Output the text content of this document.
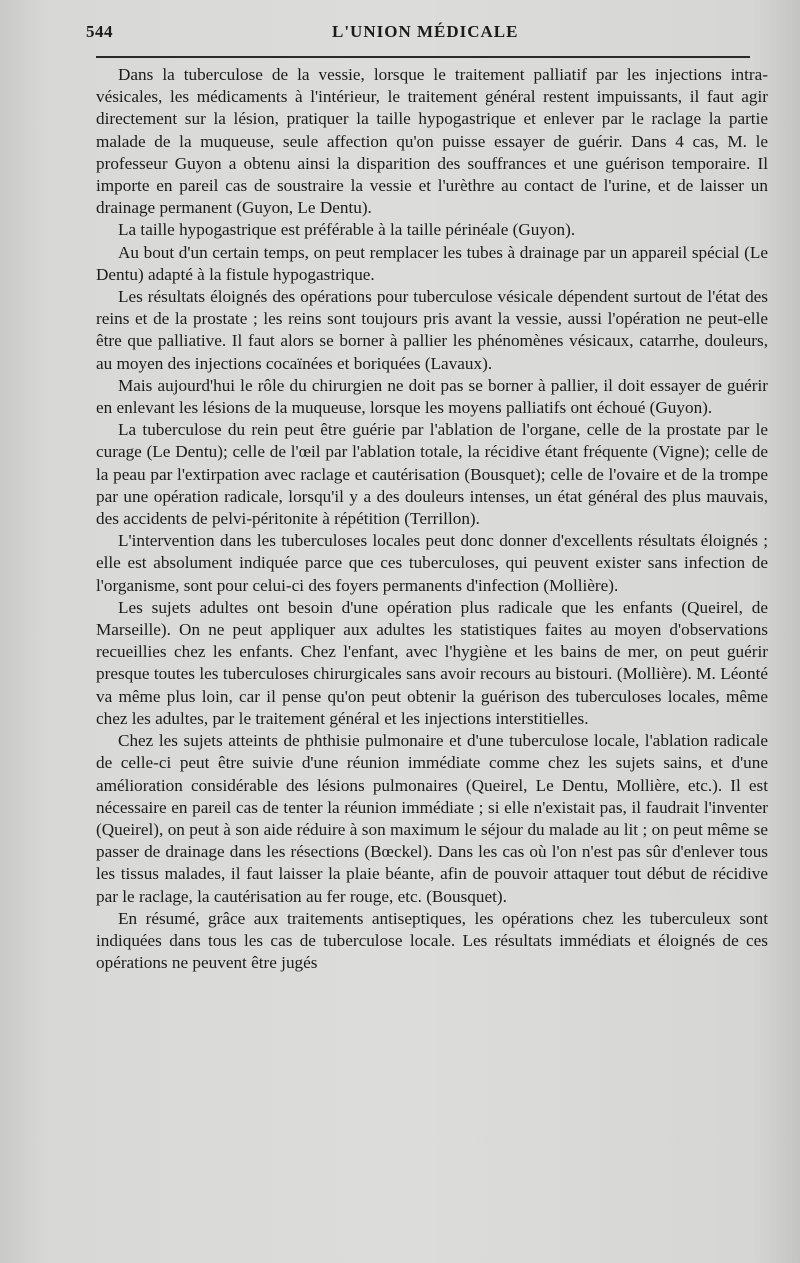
544	L'UNION MÉDICALE

Dans la tuberculose de la vessie, lorsque le traitement palliatif par les injections intra-vésicales, les médicaments à l'intérieur, le traitement général restent impuissants, il faut agir directement sur la lésion, pratiquer la taille hypogastrique et enlever par le raclage la partie malade de la muqueuse, seule affection qu'on puisse essayer de guérir. Dans 4 cas, M. le professeur Guyon a obtenu ainsi la disparition des souffrances et une guérison temporaire. Il importe en pareil cas de soustraire la vessie et l'urèthre au contact de l'urine, et de laisser un drainage permanent (Guyon, Le Dentu).

La taille hypogastrique est préférable à la taille périnéale (Guyon).

Au bout d'un certain temps, on peut remplacer les tubes à drainage par un appareil spécial (Le Dentu) adapté à la fistule hypogastrique.

Les résultats éloignés des opérations pour tuberculose vésicale dépendent surtout de l'état des reins et de la prostate ; les reins sont toujours pris avant la vessie, aussi l'opération ne peut-elle être que palliative. Il faut alors se borner à pallier les phénomènes vésicaux, catarrhe, douleurs, au moyen des injections cocaïnées et boriquées (Lavaux).

Mais aujourd'hui le rôle du chirurgien ne doit pas se borner à pallier, il doit essayer de guérir en enlevant les lésions de la muqueuse, lorsque les moyens palliatifs ont échoué (Guyon).

La tuberculose du rein peut être guérie par l'ablation de l'organe, celle de la prostate par le curage (Le Dentu); celle de l'œil par l'ablation totale, la récidive étant fréquente (Vigne); celle de la peau par l'extirpation avec raclage et cautérisation (Bousquet); celle de l'ovaire et de la trompe par une opération radicale, lorsqu'il y a des douleurs intenses, un état général des plus mauvais, des accidents de pelvi-péritonite à répétition (Terrillon).

L'intervention dans les tuberculoses locales peut donc donner d'excellents résultats éloignés ; elle est absolument indiquée parce que ces tuberculoses, qui peuvent exister sans infection de l'organisme, sont pour celui-ci des foyers permanents d'infection (Mollière).

Les sujets adultes ont besoin d'une opération plus radicale que les enfants (Queirel, de Marseille). On ne peut appliquer aux adultes les statistiques faites au moyen d'observations recueillies chez les enfants. Chez l'enfant, avec l'hygiène et les bains de mer, on peut guérir presque toutes les tuberculoses chirurgicales sans avoir recours au bistouri. (Mollière). M. Léonté va même plus loin, car il pense qu'on peut obtenir la guérison des tuberculoses locales, même chez les adultes, par le traitement général et les injections interstitielles.

Chez les sujets atteints de phthisie pulmonaire et d'une tuberculose locale, l'ablation radicale de celle-ci peut être suivie d'une réunion immédiate comme chez les sujets sains, et d'une amélioration considérable des lésions pulmonaires (Queirel, Le Dentu, Mollière, etc.). Il est nécessaire en pareil cas de tenter la réunion immédiate ; si elle n'existait pas, il faudrait l'inventer (Queirel), on peut à son aide réduire à son maximum le séjour du malade au lit ; on peut même se passer de drainage dans les résections (Bœckel). Dans les cas où l'on n'est pas sûr d'enlever tous les tissus malades, il faut laisser la plaie béante, afin de pouvoir attaquer tout début de récidive par le raclage, la cautérisation au fer rouge, etc. (Bousquet).

En résumé, grâce aux traitements antiseptiques, les opérations chez les tuberculeux sont indiquées dans tous les cas de tuberculose locale. Les résultats immédiats et éloignés de ces opérations ne peuvent être jugés
